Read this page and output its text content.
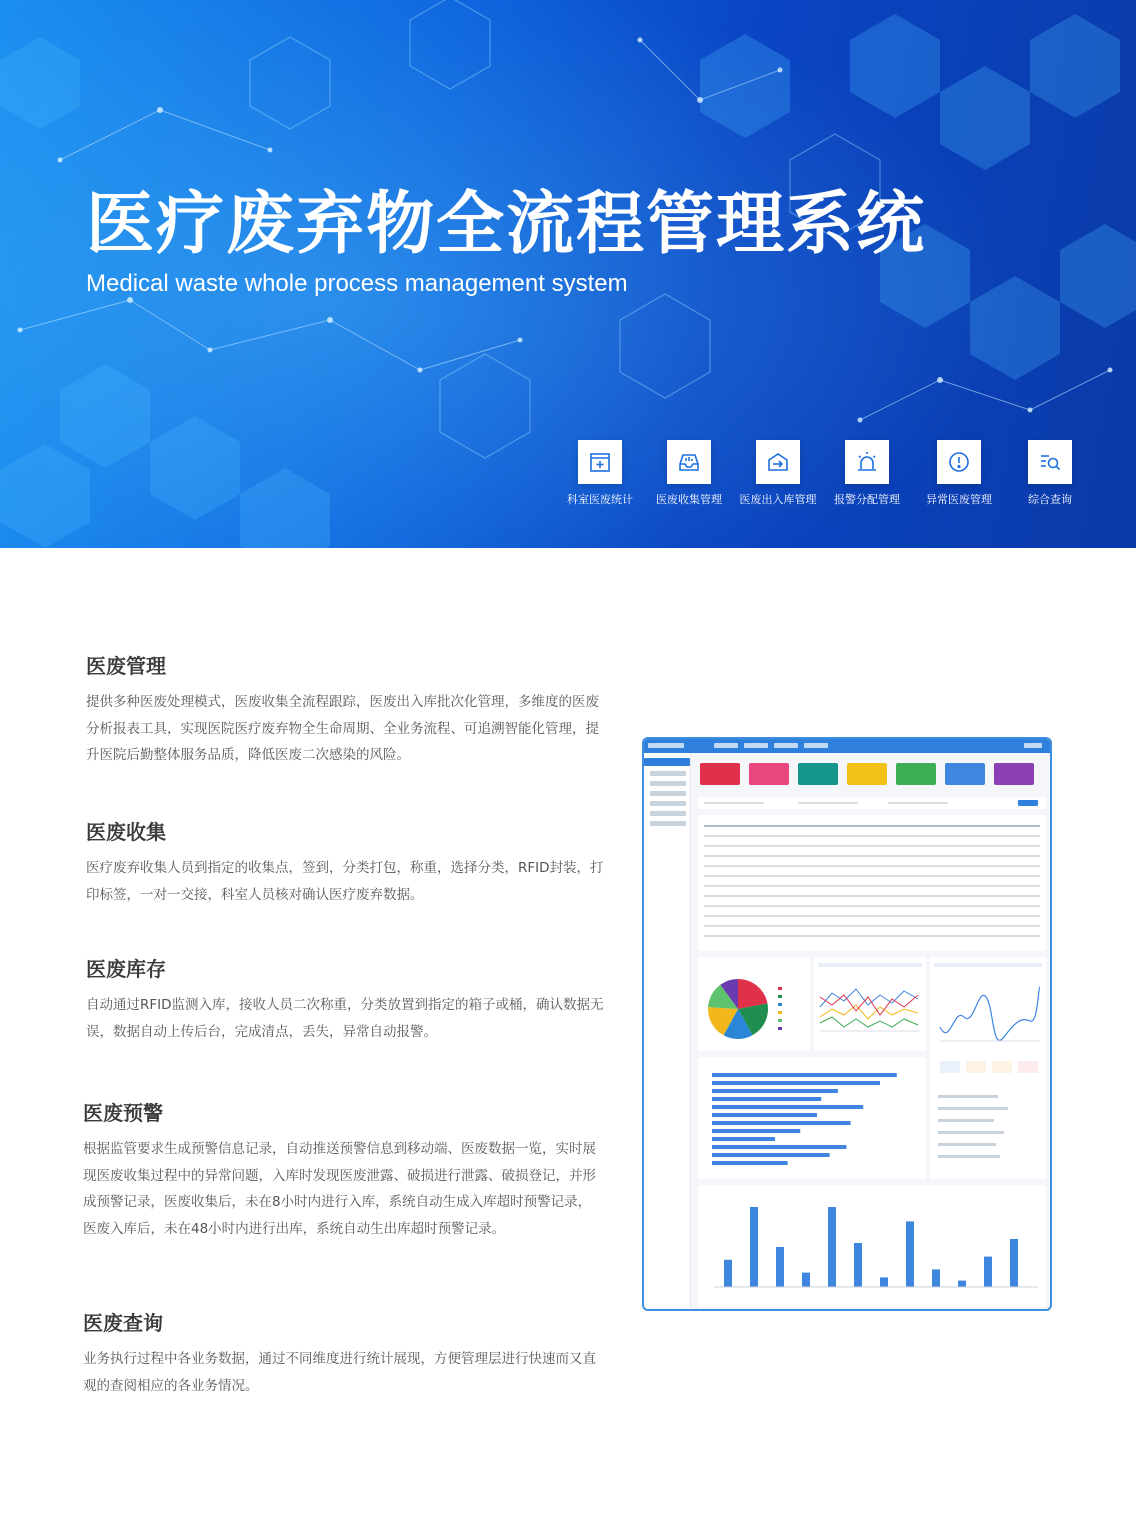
医疗废弃物全流程管理系统
Medical waste whole process management system
科室医废统计	医废收集管理	医废出入库管理	报警分配管理	异常医废管理	综合查询
医废管理

提供多种医废处理模式，医废收集全流程跟踪，医废出入库批次化管理，多维度的医废分析报表工具，实现医院医疗废弃物全生命周期、全业务流程、可追溯智能化管理，提升医院后勤整体服务品质，降低医废二次感染的风险。

医废收集

医疗废弃收集人员到指定的收集点，签到，分类打包，称重，选择分类，RFID封装，打印标签，一对一交接，科室人员核对确认医疗废弃数据。

医废库存

自动通过RFID监测入库，接收人员二次称重，分类放置到指定的箱子或桶，确认数据无误，数据自动上传后台，完成清点，丢失，异常自动报警。

医废预警

根据监管要求生成预警信息记录，自动推送预警信息到移动端、医废数据一览，实时展现医废收集过程中的异常问题，入库时发现医废泄露、破损进行泄露、破损登记，并形成预警记录，医废收集后，未在8小时内进行入库，系统自动生成入库超时预警记录，医废入库后，未在48小时内进行出库，系统自动生出库超时预警记录。

医废查询

业务执行过程中各业务数据，通过不同维度进行统计展现，方便管理层进行快速而又直观的查阅相应的各业务情况。
